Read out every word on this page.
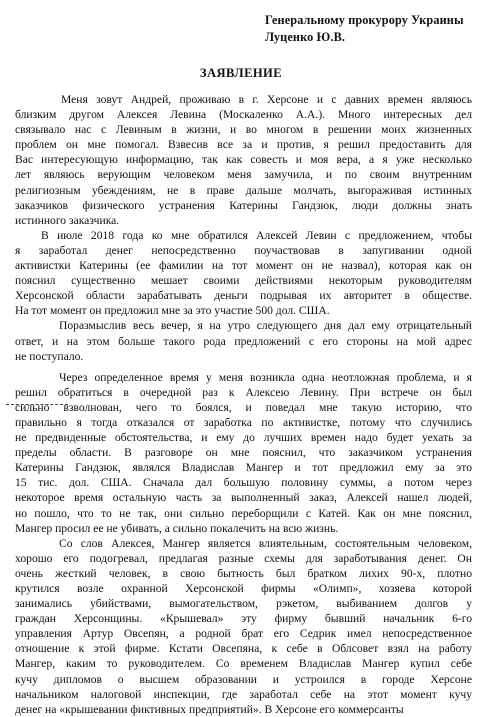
Генеральному прокурору Украины
Луценко Ю.В.
ЗАЯВЛЕНИЕ
Меня зовут Андрей, проживаю в г. Херсоне и с давних времен являюсь
близким другом Алексея Левина (Москаленко А.А.). Много интересных дел
связывало нас с Левиным в жизни, и во многом в решении моих жизненных
проблем он мне помогал. Взвесив все за и против, я решил предоставить для
Вас интересующую информацию, так как совесть и моя вера, а я уже несколько
лет являюсь верующим человеком меня замучила, и по своим внутренним
религиозным убеждениям, не в праве дальше молчать, выгораживая истинных
заказчиков физического устранения Катерины Гандзюк, люди должны знать
истинного заказчика.
В июле 2018 года ко мне обратился Алексей Левин с предложением, чтобы
я заработал денег непосредственно поучаствовав в запугивании одной
активистки Катерины (ее фамилии на тот момент он не назвал), которая как он
пояснил существенно мешает своими действиями некоторым руководителям
Херсонской области зарабатывать деньги подрывая их авторитет в обществе.
На тот момент он предложил мне за это участие 500 дол. США.
Поразмыслив весь вечер, я на утро следующего дня дал ему отрицательный
ответ, и на этом больше такого рода предложений с его стороны на мой адрес
не поступало.
Через определенное время у меня возникла одна неотложная проблема, и я
решил обратиться в очередной раз к Алексею Левину. При встрече он был
сильно взволнован, чего то боялся, и поведал мне такую историю, что
правильно я тогда отказался от заработка по активистке, потому что случились
не предвиденные обстоятельства, и ему до лучших времен надо будет уехать за
пределы области. В разговоре он мне пояснил, что заказчиком устранения
Катерины Гандзюк, являлся Владислав Мангер и тот предложил ему за это
15 тис. дол. США. Сначала дал большую половину суммы, а потом через
некоторое время остальную часть за выполненный заказ, Алексей нашел людей,
но пошло, что то не так, они сильно переборщили с Катей. Как он мне пояснил,
Мангер просил ее не убивать, а сильно покалечить на всю жизнь.
Со слов Алексея, Мангер является влиятельным, состоятельным человеком,
хорошо его подогревал, предлагая разные схемы для заработывания денег. Он
очень жесткий человек, в свою бытность был братком лихих 90-х, плотно
крутился возле охранной Херсонской фирмы «Олимп», хозяева которой
занимались убийствами, вымогательством, рэкетом, выбиванием долгов у
граждан Херсонщины. «Крышевал» эту фирму бывший начальник 6-го
управления Артур Овсепян, а родной брат его Седрик имел непосредственное
отношение к этой фирме. Кстати Овсепяна, к себе в Облсовет взял на работу
Мангер, каким то руководителем. Со временем Владислав Мангер купил себе
кучу дипломов о высшем образовании и устроился в городе Херсоне
начальником налоговой инспекции, где заработал себе на этот момент кучу
денег на «крышевании фиктивных предприятий». В Херсоне его коммерсанты
